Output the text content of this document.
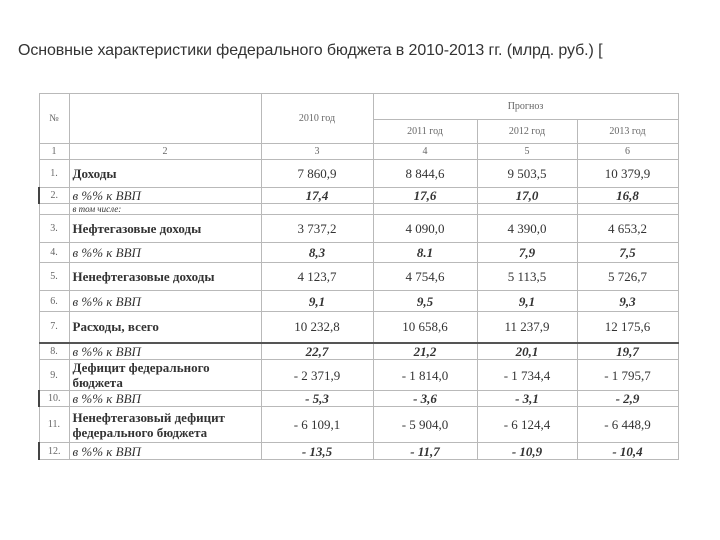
Основные характеристики федерального бюджета в 2010-2013 гг. (млрд. руб.) [
№		2010 год	Прогноз		
			2011 год	2012 год	2013 год
1	2	3	4	5	6
1.	Доходы	7 860,9	8 844,6	9 503,5	10 379,9
2.	в %% к ВВП	17,4	17,6	17,0	16,8
	в том числе:				
3.	Нефтегазовые доходы	3 737,2	4 090,0	4 390,0	4 653,2
4.	в %% к ВВП	8,3	8.1	7,9	7,5
5.	Ненефтегазовые доходы	4 123,7	4 754,6	5 113,5	5 726,7
6.	в %% к ВВП	9,1	9,5	9,1	9,3
7.	Расходы, всего	10 232,8	10 658,6	11 237,9	12 175,6
8.	в %% к ВВП	22,7	21,2	20,1	19,7
9.	Дефицит федерального бюджета	- 2 371,9	- 1 814,0	- 1 734,4	- 1 795,7
10.	в %% к ВВП	- 5,3	- 3,6	- 3,1	- 2,9
11.	Ненефтегазовый дефицит федерального бюджета	- 6 109,1	- 5 904,0	- 6 124,4	- 6 448,9
12.	в %% к ВВП	- 13,5	- 11,7	- 10,9	- 10,4
